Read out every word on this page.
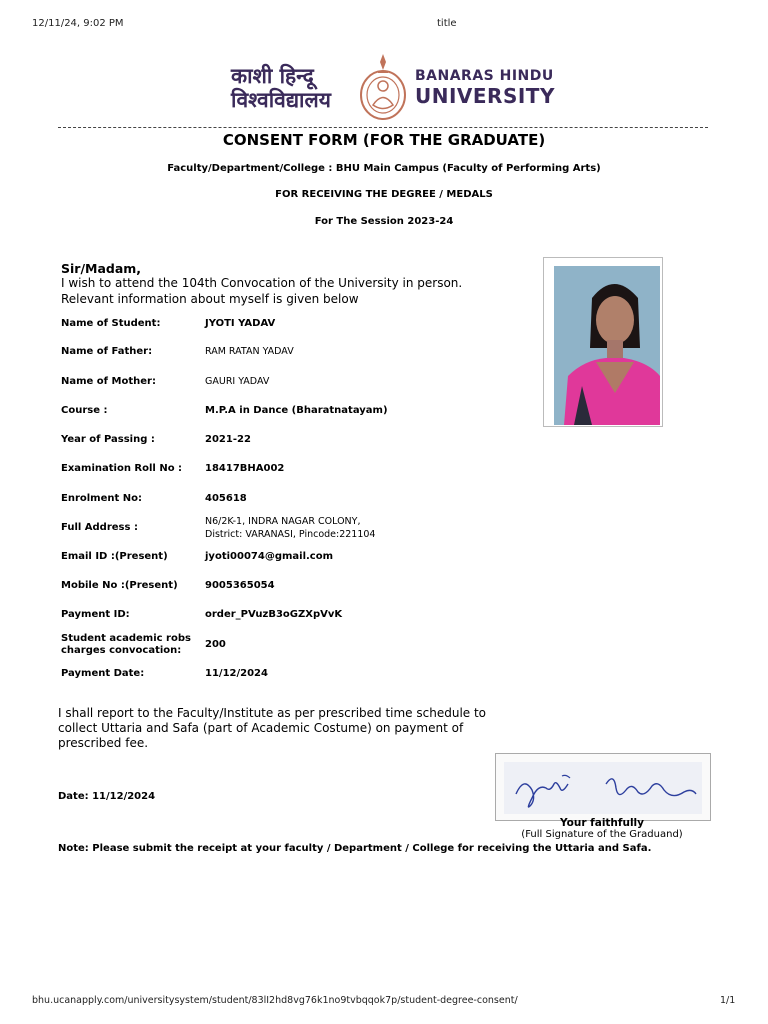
12/11/24, 9:02 PM	title
काशी हिन्दू
विश्वविद्यालय
BANARAS HINDU
UNIVERSITY
CONSENT FORM (FOR THE GRADUATE)
Faculty/Department/College : BHU Main Campus (Faculty of Performing Arts)
FOR RECEIVING THE DEGREE / MEDALS
For The Session 2023-24
Sir/Madam,
I wish to attend the 104th Convocation of the University in person.
Relevant information about myself is given below
Name of Student:	JYOTI YADAV
Name of Father:	RAM RATAN YADAV
Name of Mother:	GAURI YADAV
Course :	M.P.A in Dance (Bharatnatayam)
Year of Passing :	2021-22
Examination Roll No :	18417BHA002
Enrolment No:	405618
Full Address :
N6/2K-1, INDRA NAGAR COLONY,
District: VARANASI, Pincode:221104
Email ID :(Present)	jyoti00074@gmail.com
Mobile No :(Present)	9005365054
Payment ID:	order_PVuzB3oGZXpVvK
Student academic robs
charges convocation:
200
Payment Date:	11/12/2024
I shall report to the Faculty/Institute as per prescribed time schedule to collect Uttaria and Safa (part of Academic Costume) on payment of prescribed fee.
Date: 11/12/2024
Your faithfully
(Full Signature of the Graduand)
Note: Please submit the receipt at your faculty / Department / College for receiving the Uttaria and Safa.
bhu.ucanapply.com/universitysystem/student/83lI2hd8vg76k1no9tvbqqok7p/student-degree-consent/	1/1
